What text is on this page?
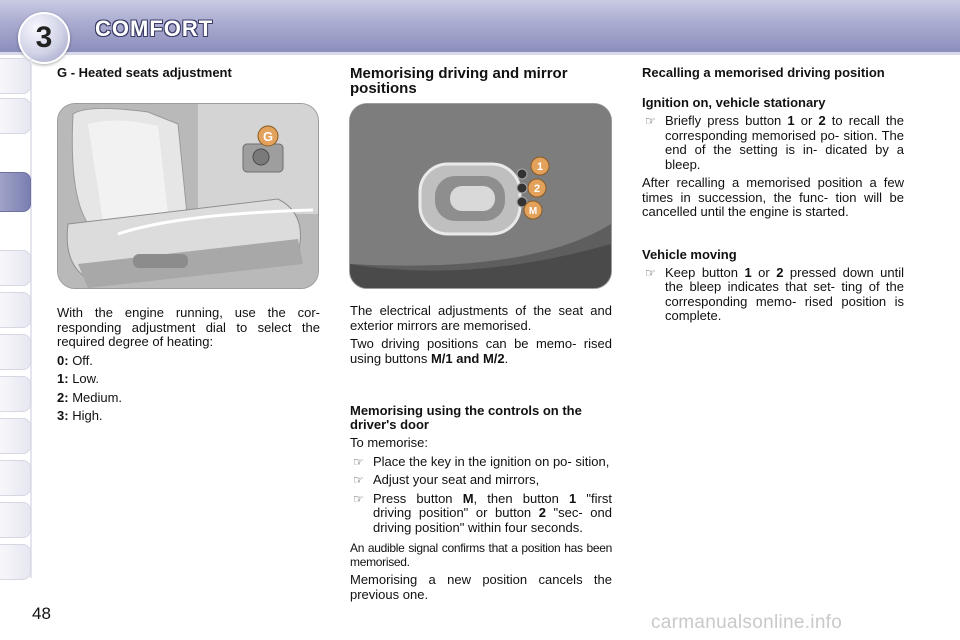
3	COMFORT
G
1
2
M
G - Heated seats adjustment

With the engine running, use the cor- responding adjustment dial to select the required degree of heating:

0: Off.
1: Low.
2: Medium.
3: High.
Memorising driving and mirror positions

The electrical adjustments of the seat and exterior mirrors are memorised.

Two driving positions can be memo- rised using buttons M/1 and M/2.

Memorising using the controls on the driver's door

To memorise:

☞ Place the key in the ignition on po- sition,
☞ Adjust your seat and mirrors,
☞ Press button M, then button 1 "first driving position" or button 2 "sec- ond driving position" within four seconds.

An audible signal confirms that a position has been memorised.

Memorising a new position cancels the previous one.

Recalling a memorised driving position
Ignition on, vehicle stationary
☞ Briefly press button 1 or 2 to recall the corresponding memorised po- sition. The end of the setting is in- dicated by a bleep.

After recalling a memorised position a few times in succession, the func- tion will be cancelled until the engine is started.

Vehicle moving
☞ Keep button 1 or 2 pressed down until the bleep indicates that set- ting of the corresponding memo- rised position is complete.
48	carmanualsonline.info
